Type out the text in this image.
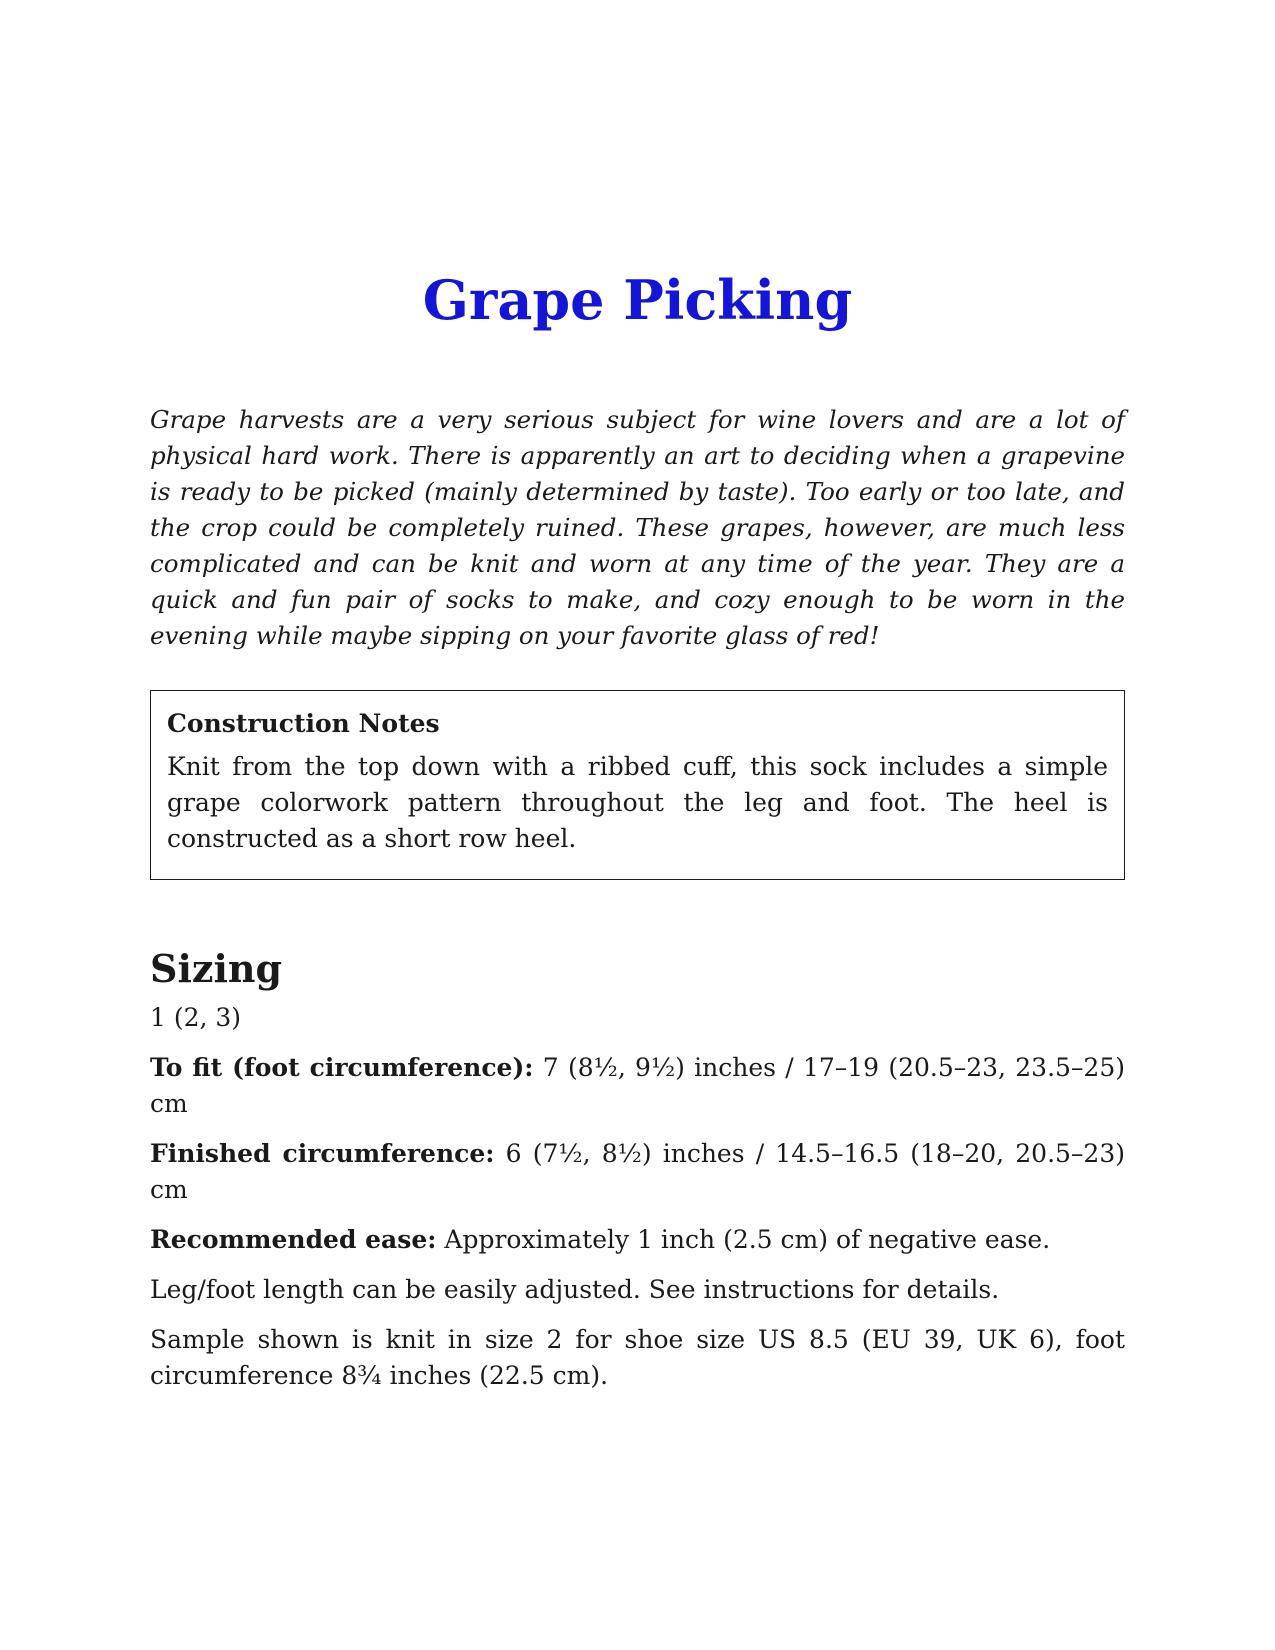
Grape Picking

Grape harvests are a very serious subject for wine lovers and are a lot of physical hard work. There is apparently an art to deciding when a grapevine is ready to be picked (mainly determined by taste). Too early or too late, and the crop could be completely ruined. These grapes, however, are much less complicated and can be knit and worn at any time of the year. They are a quick and fun pair of socks to make, and cozy enough to be worn in the evening while maybe sipping on your favorite glass of red!

Construction Notes

Knit from the top down with a ribbed cuff, this sock includes a simple grape colorwork pattern throughout the leg and foot. The heel is constructed as a short row heel.

Sizing

1 (2, 3)

To fit (foot circumference): 7 (8½, 9½) inches / 17–19 (20.5–23, 23.5–25) cm

Finished circumference: 6 (7½, 8½) inches / 14.5–16.5 (18–20, 20.5–23) cm

Recommended ease: Approximately 1 inch (2.5 cm) of negative ease.

Leg/foot length can be easily adjusted. See instructions for details.

Sample shown is knit in size 2 for shoe size US 8.5 (EU 39, UK 6), foot circumference 8¾ inches (22.5 cm).
